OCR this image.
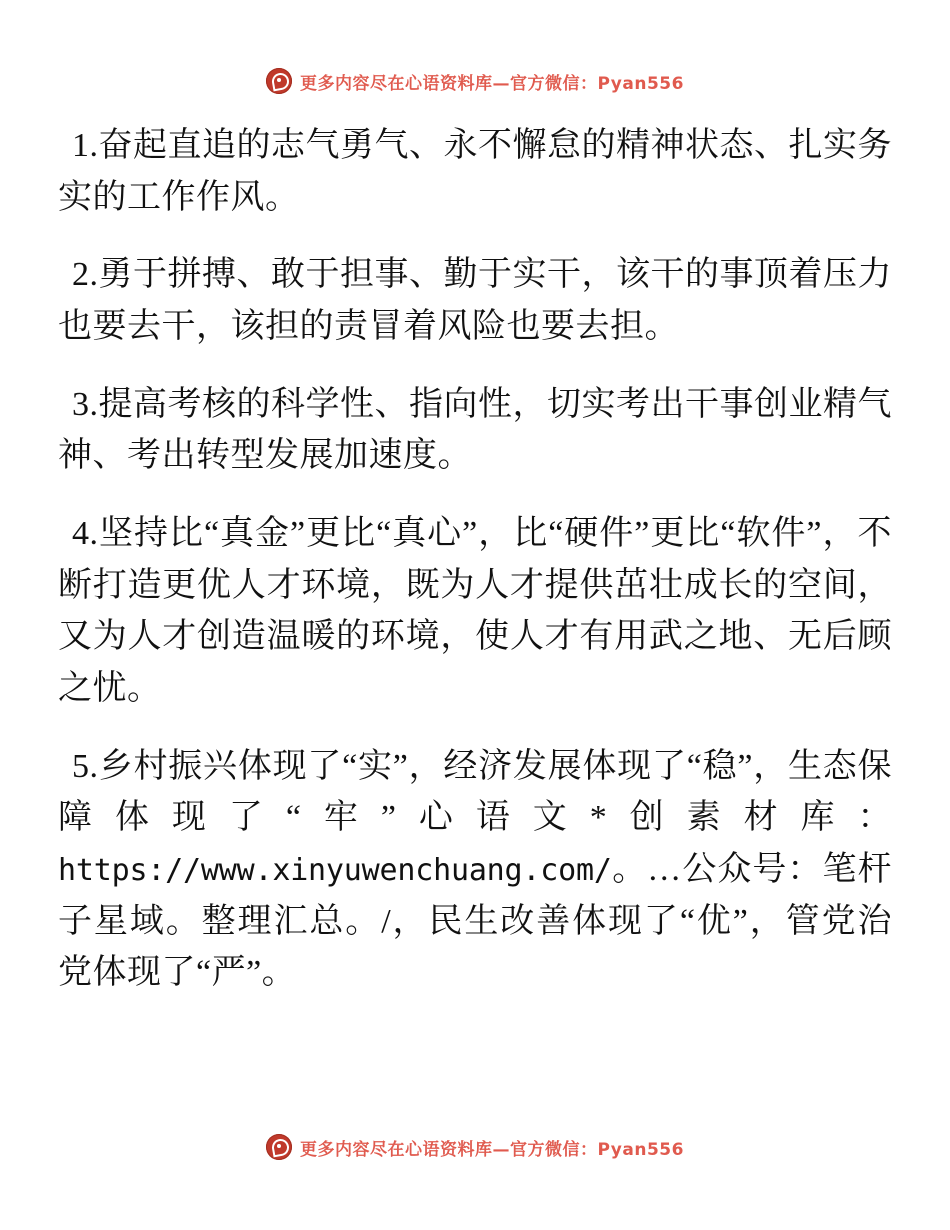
更多内容尽在心语资料库—官方微信：Pyan556

1.奋起直追的志气勇气、永不懈怠的精神状态、扎实务实的工作作风。

2.勇于拼搏、敢于担事、勤于实干，该干的事顶着压力也要去干，该担的责冒着风险也要去担。

3.提高考核的科学性、指向性，切实考出干事创业精气神、考出转型发展加速度。

4.坚持比“真金”更比“真心”，比“硬件”更比“软件”，不断打造更优人才环境，既为人才提供茁壮成长的空间，又为人才创造温暖的环境，使人才有用武之地、无后顾之忧。

5.乡村振兴体现了“实”，经济发展体现了“稳”，生态保障体现了“牢”心语文*创素材库：https://www.xinyuwenchuang.com/。…公众号：笔杆子星域。整理汇总。/，民生改善体现了“优”，管党治党体现了“严”。

更多内容尽在心语资料库—官方微信：Pyan556
